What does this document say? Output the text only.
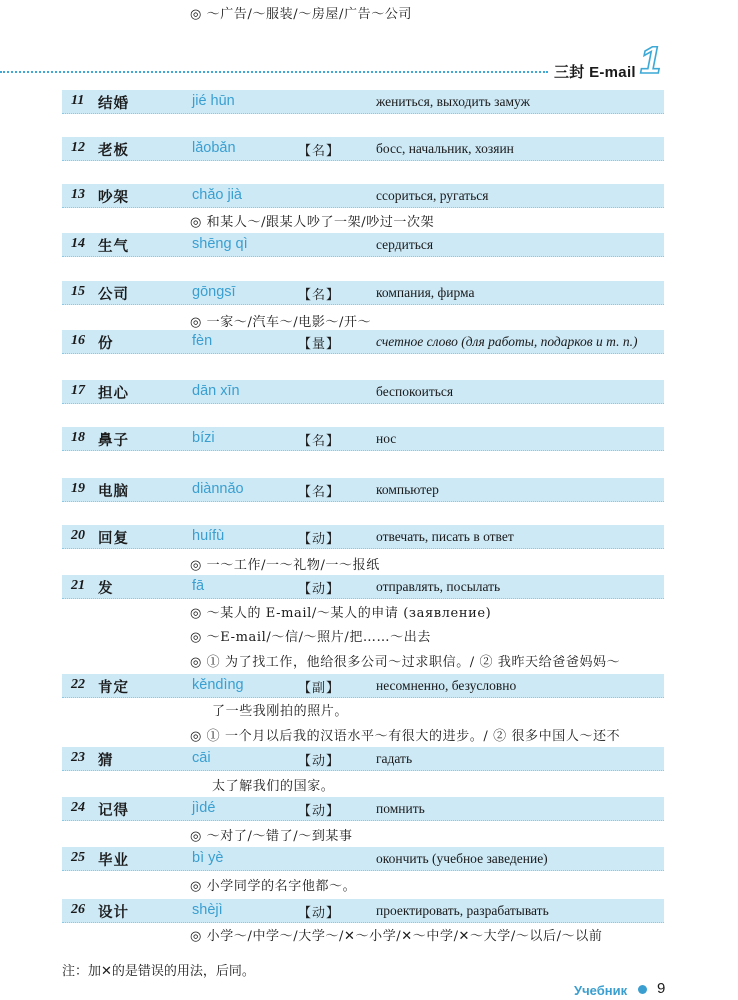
三封 E-mail 1
11 结婚	jié hūn	жениться, выходить замуж
12 老板	lǎobǎn	【名】	босс, начальник, хозяин
13 吵架	chǎo jià	ссориться, ругаться
◎ 和某人～/跟某人吵了一架/吵过一次架
14 生气	shēng qì	сердиться
15 公司	gōngsī	【名】	компания, фирма
◎ 一家～/汽车～/电影～/开～
16 份	fèn	【量】	счетное слово (для работы, подарков и т. п.)
◎ 一～工作/一～礼物/一～报纸
17 担心	dān xīn	беспокоиться
18 鼻子	bízi	【名】	нос
19 电脑	diànnǎo	【名】	компьютер
20 回复	huífù	【动】	отвечать, писать в ответ
◎ ～某人的 E-mail/～某人的申请 (заявление)
21 发	fā	【动】	отправлять, посылать
◎ ～E-mail/～信/～照片/把……～出去
◎ ① 为了找工作，他给很多公司～过求职信。/ ② 我昨天给爸爸妈妈～
了一些我刚拍的照片。
22 肯定	kěndìng	【副】	несомненно, безусловно
◎ ① 一个月以后我的汉语水平～有很大的进步。/ ② 很多中国人～还不
太了解我们的国家。
23 猜	cāi	【动】	гадать
◎ ～对了/～错了/～到某事
24 记得	jìdé	【动】	помнить
◎ 小学同学的名字他都～。
25 毕业	bì yè	окончить (учебное заведение)
◎ 小学～/中学～/大学～/✕～小学/✕～中学/✕～大学/～以后/～以前
26 设计	shèjì	【动】	проектировать, разрабатывать
◎ ～广告/～服装/～房屋/广告～公司
注：加✕的是错误的用法，后同。
Учебник 9
